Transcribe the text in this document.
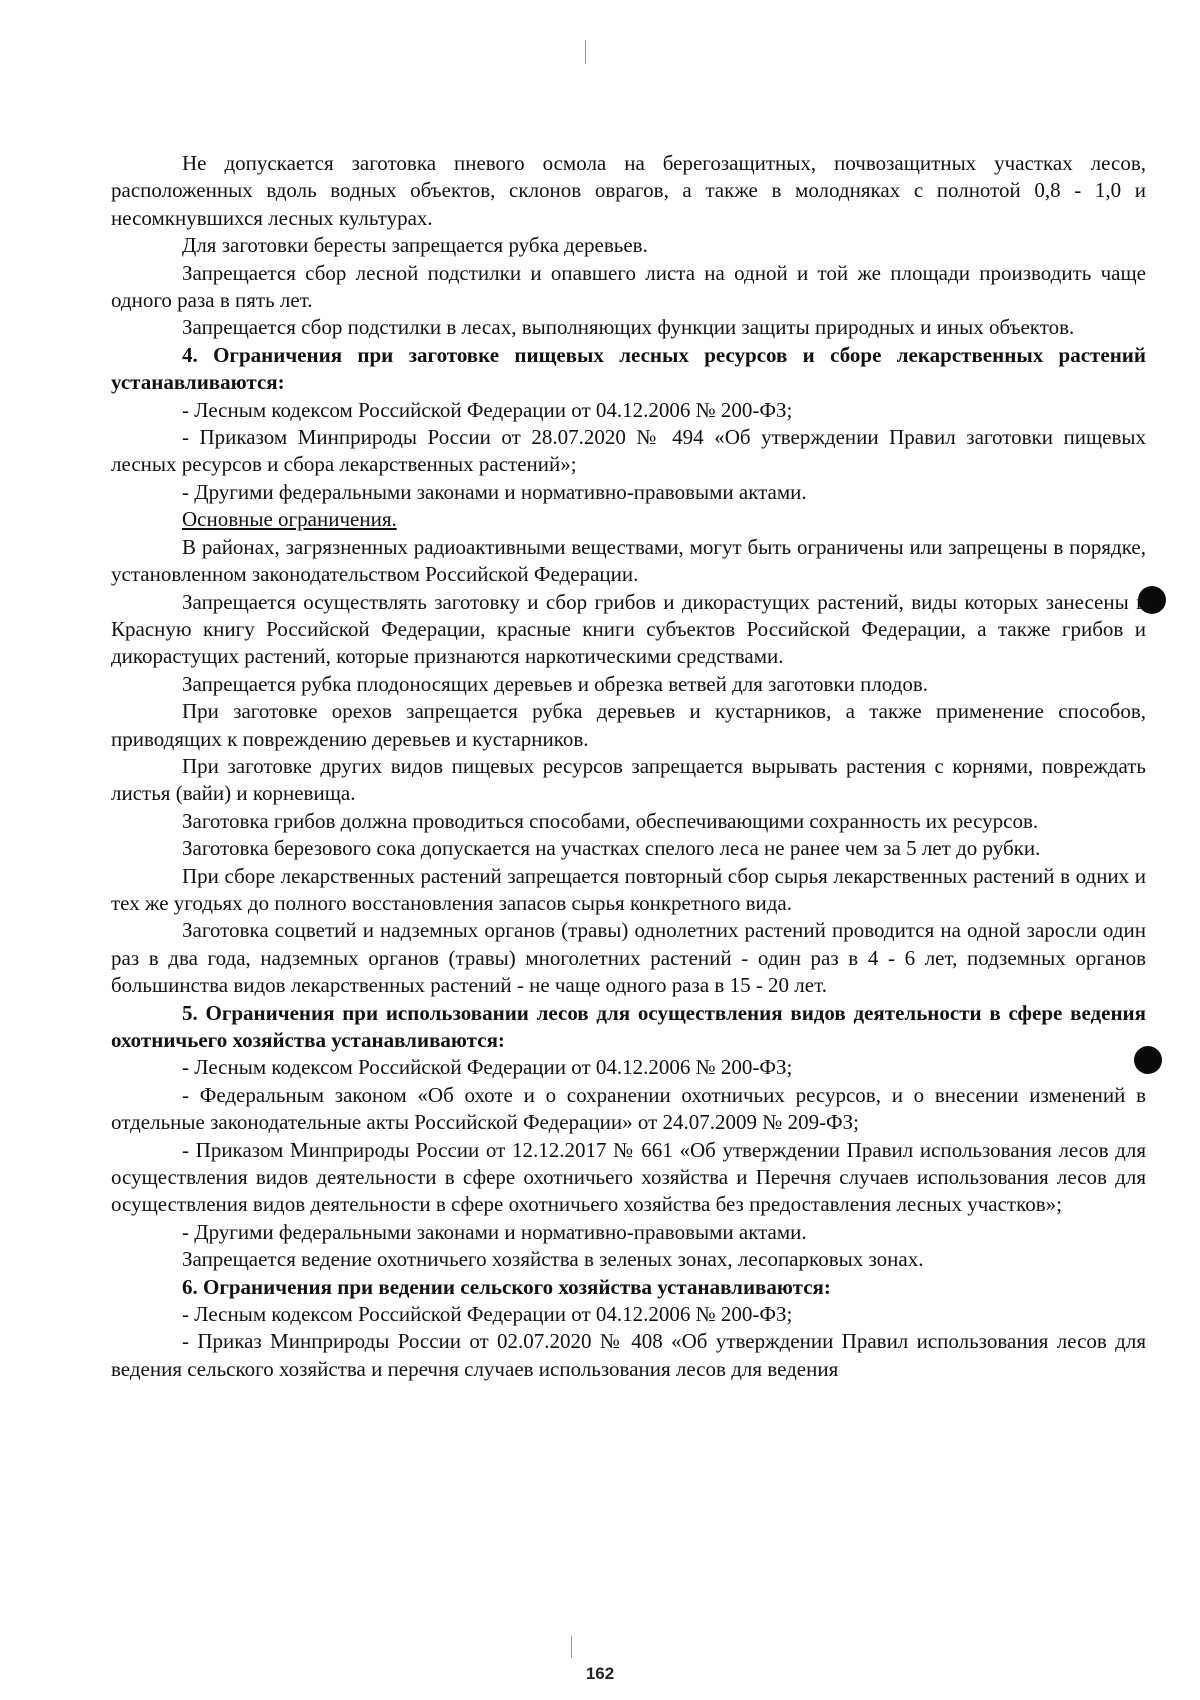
Не допускается заготовка пневого осмола на берегозащитных, почвозащитных участках лесов, расположенных вдоль водных объектов, склонов оврагов, а также в молодняках с полнотой 0,8 - 1,0 и несомкнувшихся лесных культурах.

Для заготовки бересты запрещается рубка деревьев.

Запрещается сбор лесной подстилки и опавшего листа на одной и той же площади производить чаще одного раза в пять лет.

Запрещается сбор подстилки в лесах, выполняющих функции защиты природных и иных объектов.

4. Ограничения при заготовке пищевых лесных ресурсов и сборе лекарственных растений устанавливаются:

- Лесным кодексом Российской Федерации от 04.12.2006 № 200-ФЗ;

- Приказом Минприроды России от 28.07.2020 № 494 «Об утверждении Правил заготовки пищевых лесных ресурсов и сбора лекарственных растений»;

- Другими федеральными законами и нормативно-правовыми актами.

Основные ограничения.

В районах, загрязненных радиоактивными веществами, могут быть ограничены или запрещены в порядке, установленном законодательством Российской Федерации.

Запрещается осуществлять заготовку и сбор грибов и дикорастущих растений, виды которых занесены в Красную книгу Российской Федерации, красные книги субъектов Российской Федерации, а также грибов и дикорастущих растений, которые признаются наркотическими средствами.

Запрещается рубка плодоносящих деревьев и обрезка ветвей для заготовки плодов.

При заготовке орехов запрещается рубка деревьев и кустарников, а также применение способов, приводящих к повреждению деревьев и кустарников.

При заготовке других видов пищевых ресурсов запрещается вырывать растения с корнями, повреждать листья (вайи) и корневища.

Заготовка грибов должна проводиться способами, обеспечивающими сохранность их ресурсов.

Заготовка березового сока допускается на участках спелого леса не ранее чем за 5 лет до рубки.

При сборе лекарственных растений запрещается повторный сбор сырья лекарственных растений в одних и тех же угодьях до полного восстановления запасов сырья конкретного вида.

Заготовка соцветий и надземных органов (травы) однолетних растений проводится на одной заросли один раз в два года, надземных органов (травы) многолетних растений - один раз в 4 - 6 лет, подземных органов большинства видов лекарственных растений - не чаще одного раза в 15 - 20 лет.

5. Ограничения при использовании лесов для осуществления видов деятельности в сфере ведения охотничьего хозяйства устанавливаются:

- Лесным кодексом Российской Федерации от 04.12.2006 № 200-ФЗ;

- Федеральным законом «Об охоте и о сохранении охотничьих ресурсов, и о внесении изменений в отдельные законодательные акты Российской Федерации» от 24.07.2009 № 209-ФЗ;

- Приказом Минприроды России от 12.12.2017 № 661 «Об утверждении Правил использования лесов для осуществления видов деятельности в сфере охотничьего хозяйства и Перечня случаев использования лесов для осуществления видов деятельности в сфере охотничьего хозяйства без предоставления лесных участков»;

- Другими федеральными законами и нормативно-правовыми актами.

Запрещается ведение охотничьего хозяйства в зеленых зонах, лесопарковых зонах.

6. Ограничения при ведении сельского хозяйства устанавливаются:

- Лесным кодексом Российской Федерации от 04.12.2006 № 200-ФЗ;

- Приказ Минприроды России от 02.07.2020 № 408 «Об утверждении Правил использования лесов для ведения сельского хозяйства и перечня случаев использования лесов для ведения

162
